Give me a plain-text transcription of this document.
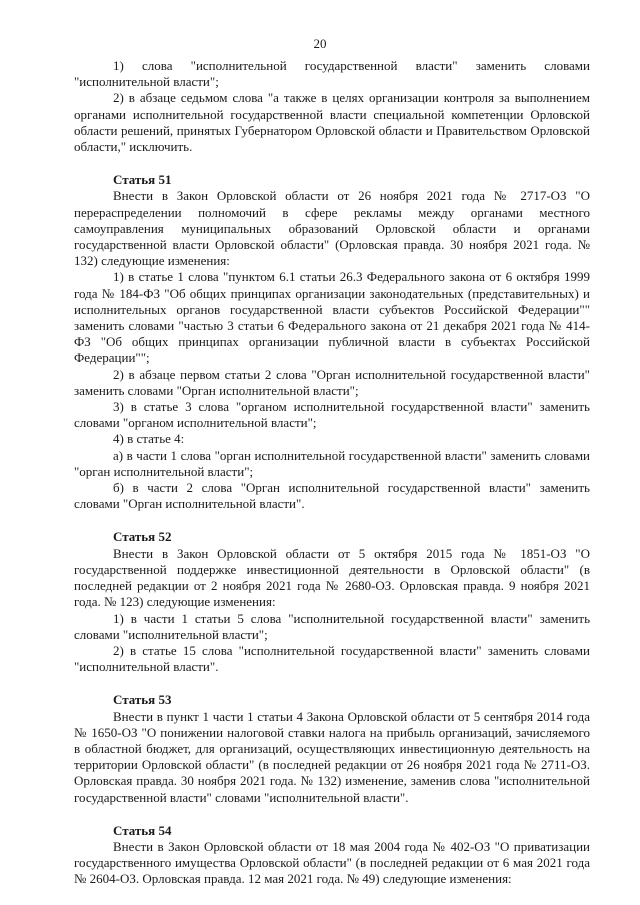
20

1) слова "исполнительной государственной власти" заменить словами "исполнительной власти";

2) в абзаце седьмом слова "а также в целях организации контроля за выполнением органами исполнительной государственной власти специальной компетенции Орловской области решений, принятых Губернатором Орловской области и Правительством Орловской области," исключить.

Статья 51

Внести в Закон Орловской области от 26 ноября 2021 года № 2717-ОЗ "О перераспределении полномочий в сфере рекламы между органами местного самоуправления муниципальных образований Орловской области и органами государственной власти Орловской области" (Орловская правда. 30 ноября 2021 года. № 132) следующие изменения:

1) в статье 1 слова "пунктом 6.1 статьи 26.3 Федерального закона от 6 октября 1999 года № 184-ФЗ "Об общих принципах организации законодательных (представительных) и исполнительных органов государственной власти субъектов Российской Федерации"" заменить словами "частью 3 статьи 6 Федерального закона от 21 декабря 2021 года № 414-ФЗ "Об общих принципах организации публичной власти в субъектах Российской Федерации"";

2) в абзаце первом статьи 2 слова "Орган исполнительной государственной власти" заменить словами "Орган исполнительной власти";

3) в статье 3 слова "органом исполнительной государственной власти" заменить словами "органом исполнительной власти";

4) в статье 4:

а) в части 1 слова "орган исполнительной государственной власти" заменить словами "орган исполнительной власти";

б) в части 2 слова "Орган исполнительной государственной власти" заменить словами "Орган исполнительной власти".

Статья 52

Внести в Закон Орловской области от 5 октября 2015 года № 1851-ОЗ "О государственной поддержке инвестиционной деятельности в Орловской области" (в последней редакции от 2 ноября 2021 года № 2680-ОЗ. Орловская правда. 9 ноября 2021 года. № 123) следующие изменения:

1) в части 1 статьи 5 слова "исполнительной государственной власти" заменить словами "исполнительной власти";

2) в статье 15 слова "исполнительной государственной власти" заменить словами "исполнительной власти".

Статья 53

Внести в пункт 1 части 1 статьи 4 Закона Орловской области от 5 сентября 2014 года № 1650-ОЗ "О понижении налоговой ставки налога на прибыль организаций, зачисляемого в областной бюджет, для организаций, осуществляющих инвестиционную деятельность на территории Орловской области" (в последней редакции от 26 ноября 2021 года № 2711-ОЗ. Орловская правда. 30 ноября 2021 года. № 132) изменение, заменив слова "исполнительной государственной власти" словами "исполнительной власти".

Статья 54

Внести в Закон Орловской области от 18 мая 2004 года № 402-ОЗ "О приватизации государственного имущества Орловской области" (в последней редакции от 6 мая 2021 года № 2604-ОЗ. Орловская правда. 12 мая 2021 года. № 49) следующие изменения:
